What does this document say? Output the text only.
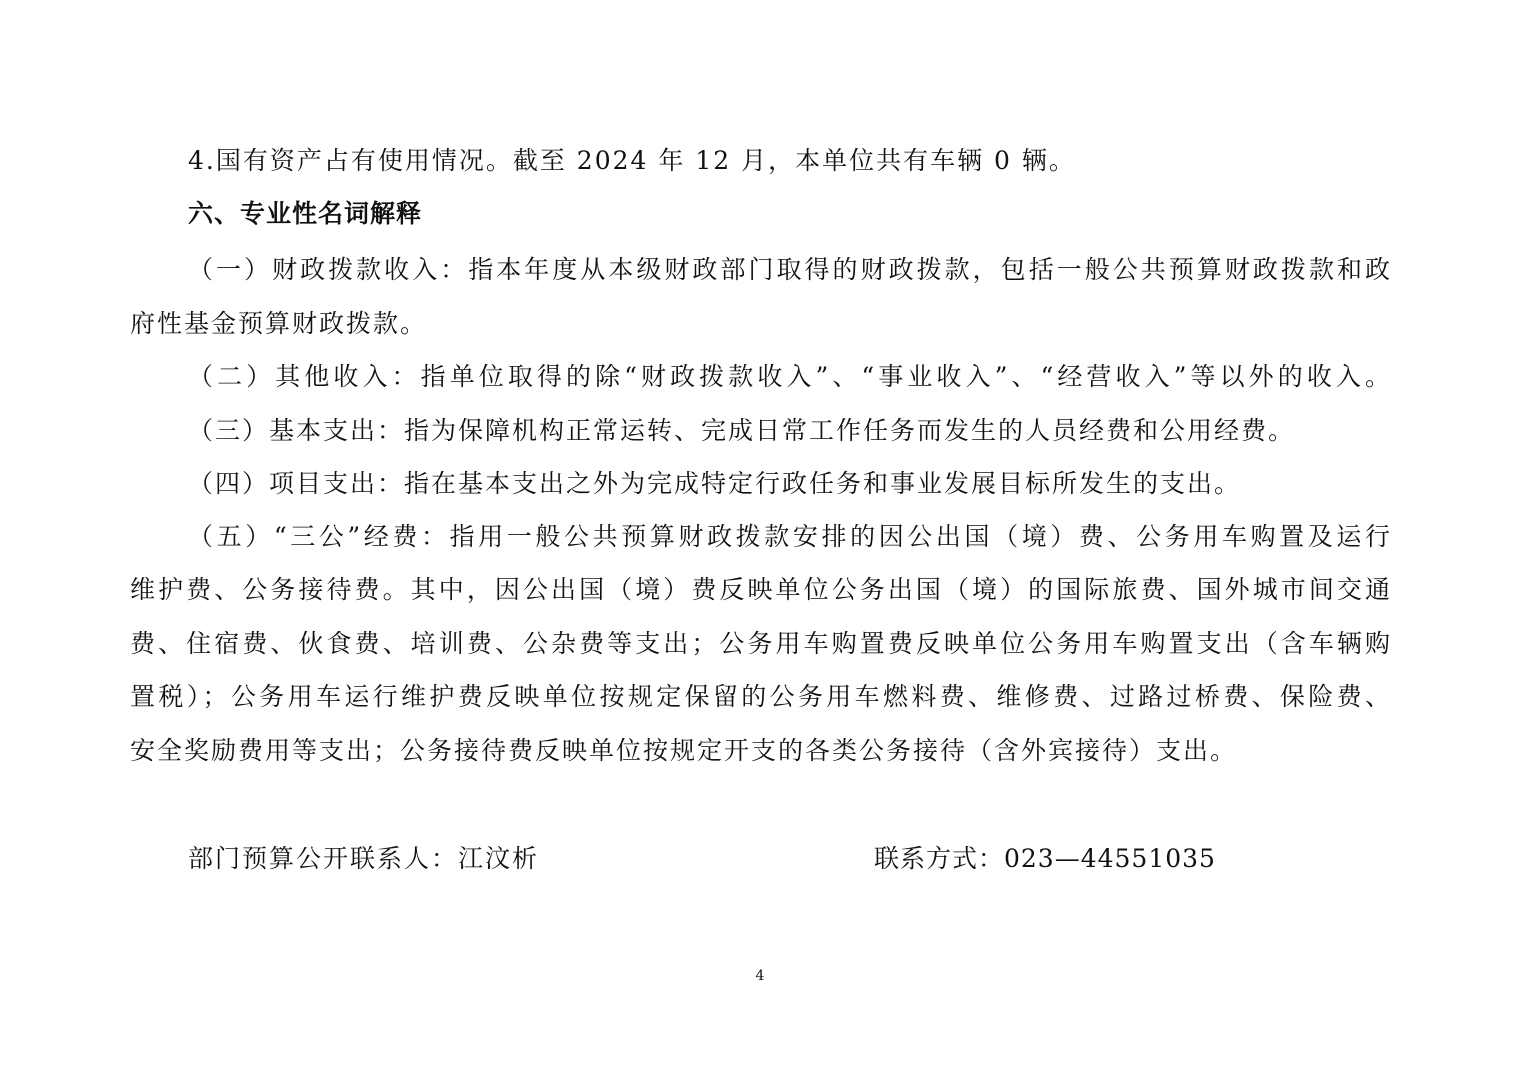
4.国有资产占有使用情况。截至 2024 年 12 月，本单位共有车辆 0 辆。
六、专业性名词解释
（一）财政拨款收入：指本年度从本级财政部门取得的财政拨款，包括一般公共预算财政拨款和政
府性基金预算财政拨款。
（二）其他收入：指单位取得的除“财政拨款收入”、“事业收入”、“经营收入”等以外的收入。
（三）基本支出：指为保障机构正常运转、完成日常工作任务而发生的人员经费和公用经费。
（四）项目支出：指在基本支出之外为完成特定行政任务和事业发展目标所发生的支出。
（五）“三公”经费：指用一般公共预算财政拨款安排的因公出国（境）费、公务用车购置及运行
维护费、公务接待费。其中，因公出国（境）费反映单位公务出国（境）的国际旅费、国外城市间交通
费、住宿费、伙食费、培训费、公杂费等支出；公务用车购置费反映单位公务用车购置支出（含车辆购
置税）；公务用车运行维护费反映单位按规定保留的公务用车燃料费、维修费、过路过桥费、保险费、
安全奖励费用等支出；公务接待费反映单位按规定开支的各类公务接待（含外宾接待）支出。
部门预算公开联系人：江汶析	联系方式：023—44551035
4
